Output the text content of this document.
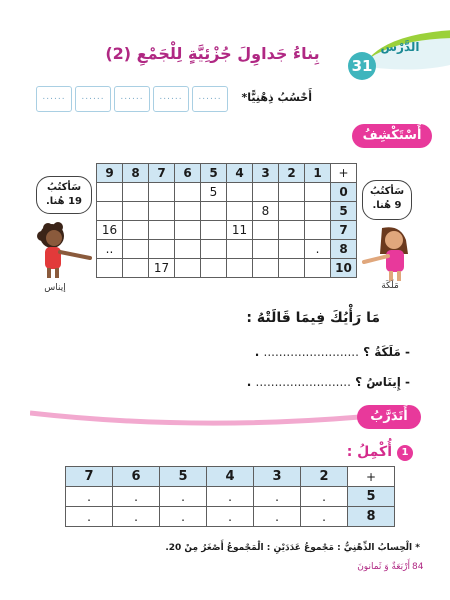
الدَّرْس
31
بِناءُ جَداوِلَ جُزْئِيَّةٍ لِلْجَمْعِ (2)
أَحْسُبُ ذِهْنِيًّا*
......
......
......
......
......
أَسْتَكْشِفُ
9	8	7	6	5	4	3	2	1	+
				5					0
						8			5
16					11				7
..								.	8
		17							10
سَأكتُبُ
19 هُنا.
إيناس
سَأكتُبُ
9 هُنا.
مَلَكَة
مَا رَأْيُكَ فِيمَا قَالَتْهُ :
- مَلَكَةُ ؟ ......................... .
- إِينَاسُ ؟ ......................... .
أَتَدَرَّبُ
1
أُكْمِلُ :
7	6	5	4	3	2	+
.	.	.	.	.	.	5
.	.	.	.	.	.	8
* الْحِسابُ الذِّهْنِيُّ : مَجْموعُ عَدَدَيْنِ : الْمَجْموعُ أَصْغَرُ مِنْ 20.
أَرْبَعَةٌ وَ ثَمانونَ 84
